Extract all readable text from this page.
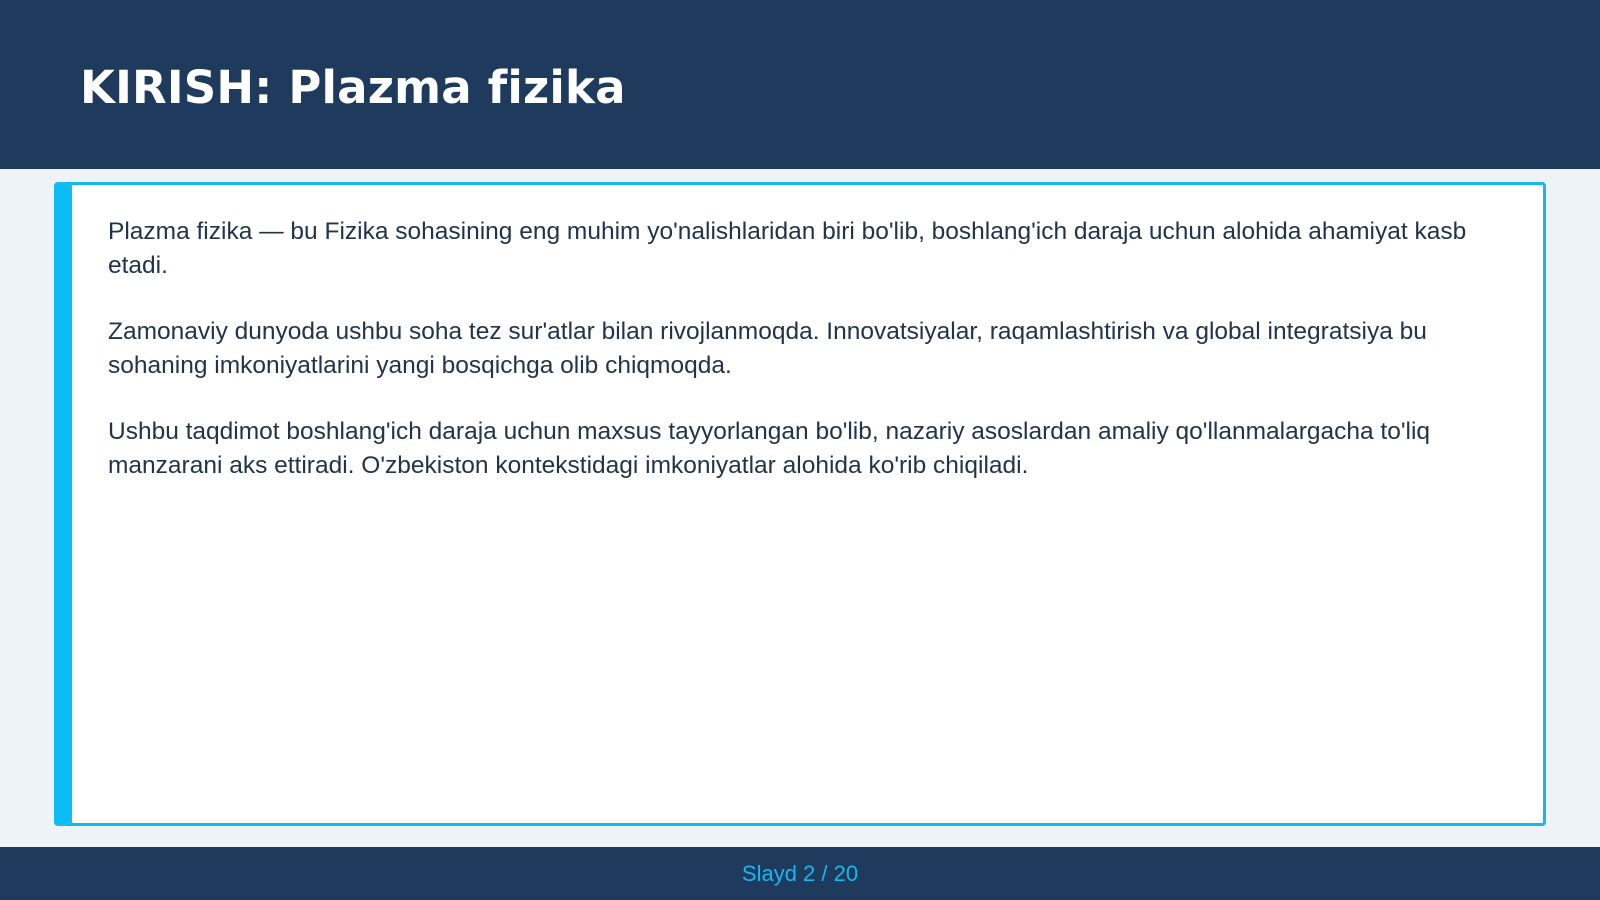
KIRISH: Plazma fizika

Plazma fizika — bu Fizika sohasining eng muhim yo'nalishlaridan biri bo'lib, boshlang'ich daraja uchun alohida ahamiyat kasb etadi.

Zamonaviy dunyoda ushbu soha tez sur'atlar bilan rivojlanmoqda. Innovatsiyalar, raqamlashtirish va global integratsiya bu sohaning imkoniyatlarini yangi bosqichga olib chiqmoqda.

Ushbu taqdimot boshlang'ich daraja uchun maxsus tayyorlangan bo'lib, nazariy asoslardan amaliy qo'llanmalargacha to'liq manzarani aks ettiradi. O'zbekiston kontekstidagi imkoniyatlar alohida ko'rib chiqiladi.

Slayd 2 / 20
